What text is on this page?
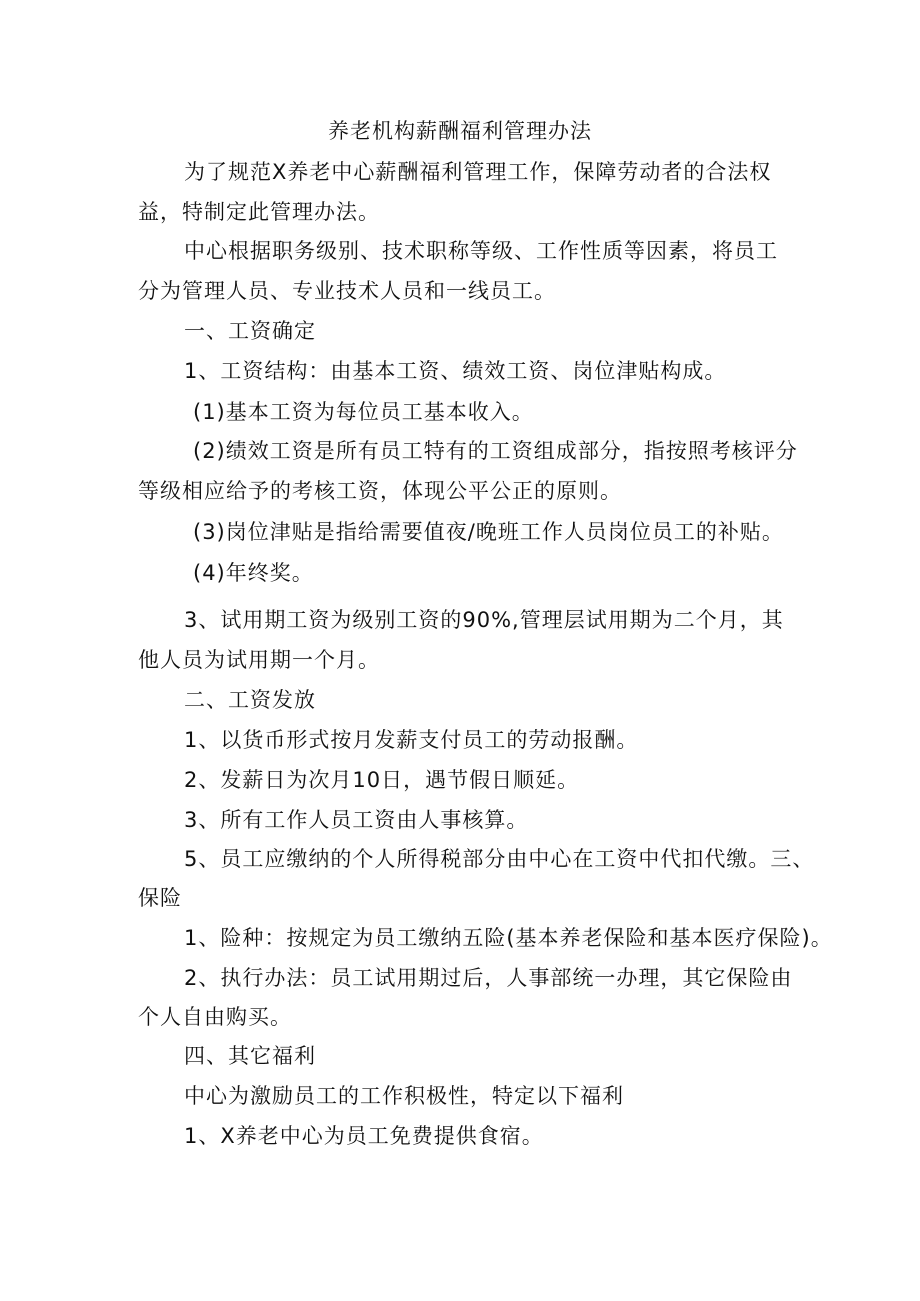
养老机构薪酬福利管理办法
为了规范X养老中心薪酬福利管理工作，保障劳动者的合法权
益，特制定此管理办法。
中心根据职务级别、技术职称等级、工作性质等因素，将员工
分为管理人员、专业技术人员和一线员工。
一、工资确定
1、工资结构：由基本工资、绩效工资、岗位津贴构成。
(1)基本工资为每位员工基本收入。
(2)绩效工资是所有员工特有的工资组成部分，指按照考核评分
等级相应给予的考核工资，体现公平公正的原则。
(3)岗位津贴是指给需要值夜/晚班工作人员岗位员工的补贴。
(4)年终奖。
3、试用期工资为级别工资的90%,管理层试用期为二个月，其
他人员为试用期一个月。
二、工资发放
1、以货币形式按月发薪支付员工的劳动报酬。
2、发薪日为次月10日，遇节假日顺延。
3、所有工作人员工资由人事核算。
5、员工应缴纳的个人所得税部分由中心在工资中代扣代缴。三、
保险
1、险种：按规定为员工缴纳五险(基本养老保险和基本医疗保险)。
2、执行办法：员工试用期过后，人事部统一办理，其它保险由
个人自由购买。
四、其它福利
中心为激励员工的工作积极性，特定以下福利
1、X养老中心为员工免费提供食宿。
